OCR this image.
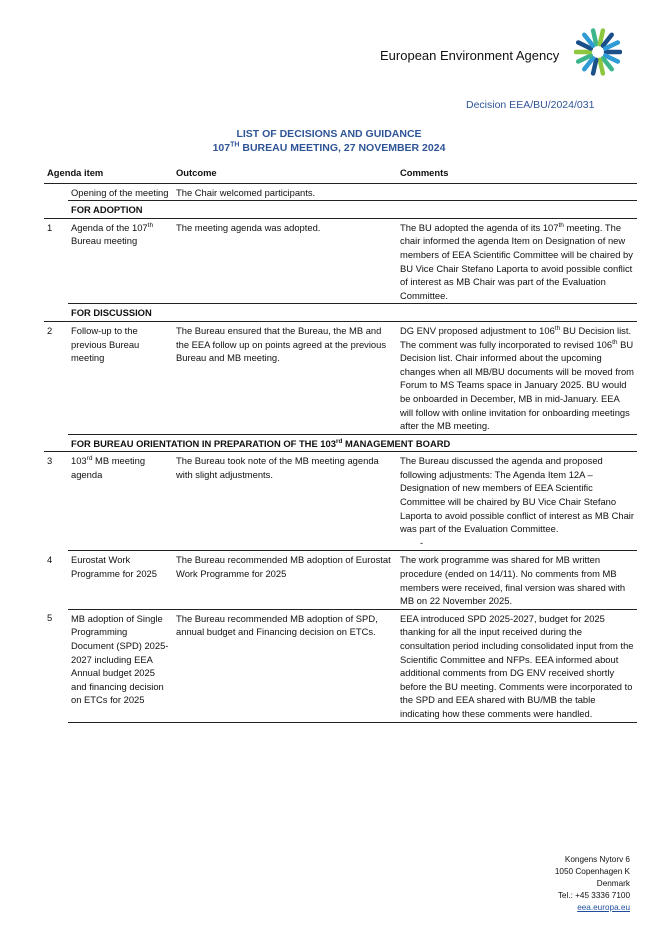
European Environment Agency
Decision EEA/BU/2024/031
LIST OF DECISIONS AND GUIDANCE
107TH BUREAU MEETING, 27 NOVEMBER 2024
Agenda item		Outcome	Comments
	Opening of the meeting	The Chair welcomed participants.	
	FOR ADOPTION		
1	Agenda of the 107th Bureau meeting	The meeting agenda was adopted.	The BU adopted the agenda of its 107th meeting. The chair informed the agenda Item on Designation of new members of EEA Scientific Committee will be chaired by BU Vice Chair Stefano Laporta to avoid possible conflict of interest as MB Chair was part of the Evaluation Committee.
	FOR DISCUSSION		
2	Follow-up to the previous Bureau meeting	The Bureau ensured that the Bureau, the MB and the EEA follow up on points agreed at the previous Bureau and MB meeting.	DG ENV proposed adjustment to 106th BU Decision list. The comment was fully incorporated to revised 106th BU Decision list. Chair informed about the upcoming changes when all MB/BU documents will be moved from Forum to MS Teams space in January 2025. BU would be onboarded in December, MB in mid-January. EEA will follow with online invitation for onboarding meetings after the MB meeting.
	FOR BUREAU ORIENTATION IN PREPARATION OF THE 103rd MANAGEMENT BOARD		
3	103rd MB meeting agenda	The Bureau took note of the MB meeting agenda with slight adjustments.	The Bureau discussed the agenda and proposed following adjustments: The Agenda Item 12A – Designation of new members of EEA Scientific Committee will be chaired by BU Vice Chair Stefano Laporta to avoid possible conflict of interest as MB Chair was part of the Evaluation Committee.
-

4	Eurostat Work Programme for 2025	The Bureau recommended MB adoption of Eurostat Work Programme for 2025	The work programme was shared for MB written procedure (ended on 14/11). No comments from MB members were received, final version was shared with MB on 22 November 2025.
5	MB adoption of Single Programming Document (SPD) 2025-2027 including EEA Annual budget 2025 and financing decision on ETCs for 2025	The Bureau recommended MB adoption of SPD, annual budget and Financing decision on ETCs.	EEA introduced SPD 2025-2027, budget for 2025 thanking for all the input received during the consultation period including consolidated input from the Scientific Committee and NFPs. EEA informed about additional comments from DG ENV received shortly before the BU meeting. Comments were incorporated to the SPD and EEA shared with BU/MB the table indicating how these comments were handled.
Kongens Nytorv 6
1050 Copenhagen K
Denmark
Tel.: +45 3336 7100
eea.europa.eu
